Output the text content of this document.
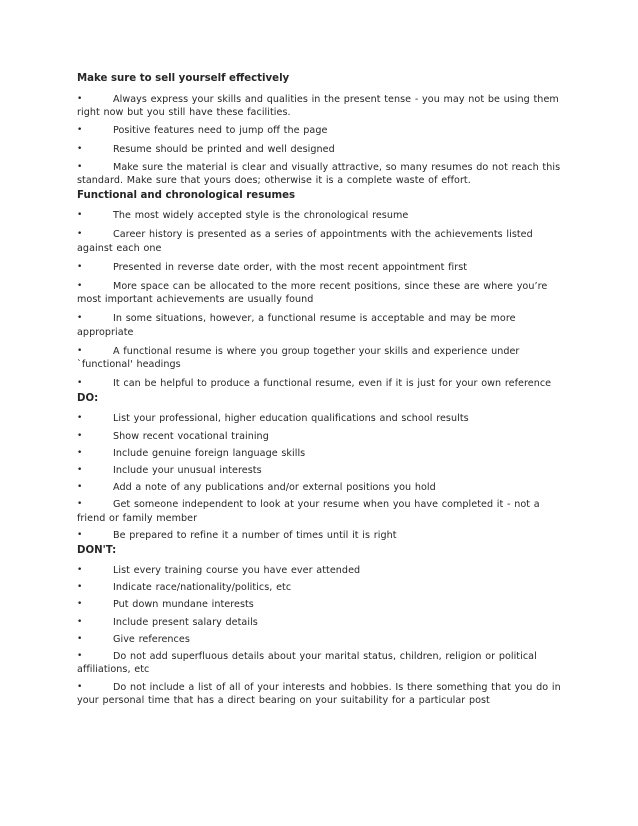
Make sure to sell yourself effectively

•	Always express your skills and qualities in the present tense - you may not be using them right now but you still have these facilities.
•	Positive features need to jump off the page
•	Resume should be printed and well designed
•	Make sure the material is clear and visually attractive, so many resumes do not reach this standard. Make sure that yours does; otherwise it is a complete waste of effort.

Functional and chronological resumes

•	The most widely accepted style is the chronological resume
•	Career history is presented as a series of appointments with the achievements listed against each one
•	Presented in reverse date order, with the most recent appointment first
•	More space can be allocated to the more recent positions, since these are where you’re most important achievements are usually found
•	In some situations, however, a functional resume is acceptable and may be more appropriate
•	A functional resume is where you group together your skills and experience under `functional' headings
•	It can be helpful to produce a functional resume, even if it is just for your own reference

DO:

•	List your professional, higher education qualifications and school results
•	Show recent vocational training
•	Include genuine foreign language skills
•	Include your unusual interests
•	Add a note of any publications and/or external positions you hold
•	Get someone independent to look at your resume when you have completed it - not a friend or family member
•	Be prepared to refine it a number of times until it is right

DON'T:

•	List every training course you have ever attended
•	Indicate race/nationality/politics, etc
•	Put down mundane interests
•	Include present salary details
•	Give references
•	Do not add superfluous details about your marital status, children, religion or political affiliations, etc
•	Do not include a list of all of your interests and hobbies. Is there something that you do in your personal time that has a direct bearing on your suitability for a particular post
